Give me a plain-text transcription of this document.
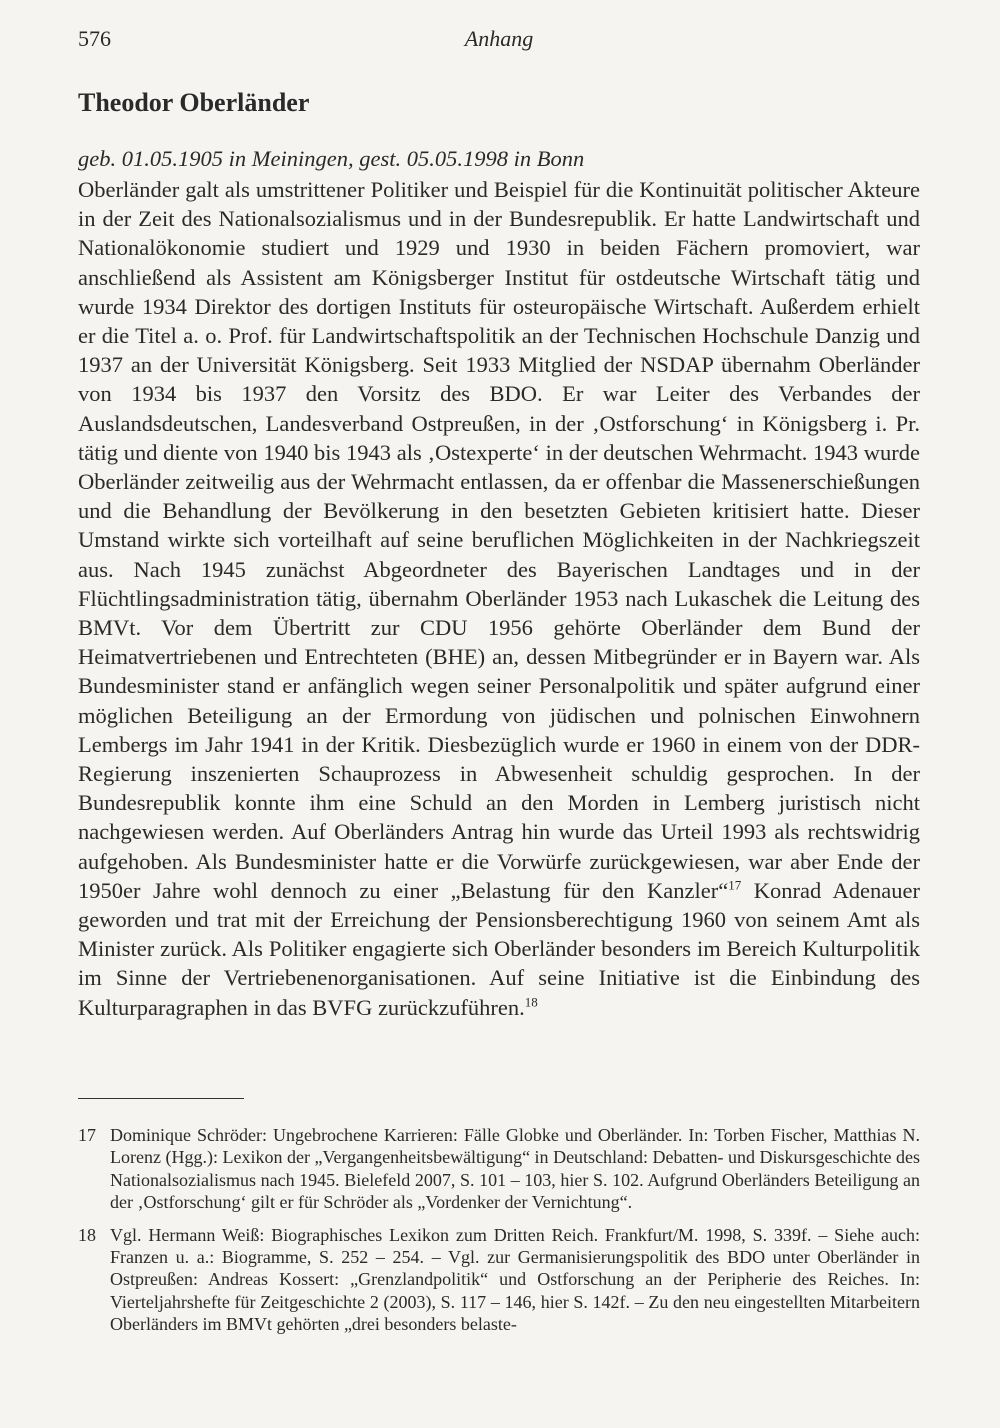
576	Anhang
Theodor Oberländer

geb. 01.05.1905 in Meiningen, gest. 05.05.1998 in Bonn

Oberländer galt als umstrittener Politiker und Beispiel für die Kontinuität politischer Akteure in der Zeit des Nationalsozialismus und in der Bundesrepublik. Er hatte Landwirtschaft und Nationalökonomie studiert und 1929 und 1930 in beiden Fächern promoviert, war anschließend als Assistent am Königsberger Institut für ostdeutsche Wirtschaft tätig und wurde 1934 Direktor des dortigen Instituts für osteuropäische Wirtschaft. Außerdem erhielt er die Titel a. o. Prof. für Landwirtschaftspolitik an der Technischen Hochschule Danzig und 1937 an der Universität Königsberg. Seit 1933 Mitglied der NSDAP übernahm Oberländer von 1934 bis 1937 den Vorsitz des BDO. Er war Leiter des Verbandes der Auslandsdeutschen, Landesverband Ostpreußen, in der ‚Ostforschung‘ in Königsberg i. Pr. tätig und diente von 1940 bis 1943 als ‚Ostexperte‘ in der deutschen Wehrmacht. 1943 wurde Oberländer zeitweilig aus der Wehrmacht entlassen, da er offenbar die Massenerschießungen und die Behandlung der Bevölkerung in den besetzten Gebieten kritisiert hatte. Dieser Umstand wirkte sich vorteilhaft auf seine beruflichen Möglichkeiten in der Nachkriegszeit aus. Nach 1945 zunächst Abgeordneter des Bayerischen Landtages und in der Flüchtlingsadministration tätig, übernahm Oberländer 1953 nach Lukaschek die Leitung des BMVt. Vor dem Übertritt zur CDU 1956 gehörte Oberländer dem Bund der Heimatvertriebenen und Entrechteten (BHE) an, dessen Mitbegründer er in Bayern war. Als Bundesminister stand er anfänglich wegen seiner Personalpolitik und später aufgrund einer möglichen Beteiligung an der Ermordung von jüdischen und polnischen Einwohnern Lembergs im Jahr 1941 in der Kritik. Diesbezüglich wurde er 1960 in einem von der DDR-Regierung inszenierten Schauprozess in Abwesenheit schuldig gesprochen. In der Bundesrepublik konnte ihm eine Schuld an den Morden in Lemberg juristisch nicht nachgewiesen werden. Auf Oberländers Antrag hin wurde das Urteil 1993 als rechtswidrig aufgehoben. Als Bundesminister hatte er die Vorwürfe zurückgewiesen, war aber Ende der 1950er Jahre wohl dennoch zu einer „Belastung für den Kanzler“$^{17}$ Konrad Adenauer geworden und trat mit der Erreichung der Pensionsberechtigung 1960 von seinem Amt als Minister zurück. Als Politiker engagierte sich Oberländer besonders im Bereich Kulturpolitik im Sinne der Vertriebenenorganisationen. Auf seine Initiative ist die Einbindung des Kulturparagraphen in das BVFG zurückzuführen.$^{18}$

17 Dominique Schröder: Ungebrochene Karrieren: Fälle Globke und Oberländer. In: Torben Fischer, Matthias N. Lorenz (Hgg.): Lexikon der „Vergangenheitsbewältigung“ in Deutschland: Debatten- und Diskursgeschichte des Nationalsozialismus nach 1945. Bielefeld 2007, S. 101 – 103, hier S. 102. Aufgrund Oberländers Beteiligung an der ‚Ostforschung‘ gilt er für Schröder als „Vordenker der Vernichtung“.

18 Vgl. Hermann Weiß: Biographisches Lexikon zum Dritten Reich. Frankfurt/M. 1998, S. 339f. – Siehe auch: Franzen u. a.: Biogramme, S. 252 – 254. – Vgl. zur Germanisierungspolitik des BDO unter Oberländer in Ostpreußen: Andreas Kossert: „Grenzlandpolitik“ und Ostforschung an der Peripherie des Reiches. In: Vierteljahrshefte für Zeitgeschichte 2 (2003), S. 117 – 146, hier S. 142f. – Zu den neu eingestellten Mitarbeitern Oberländers im BMVt gehörten „drei besonders belaste-
